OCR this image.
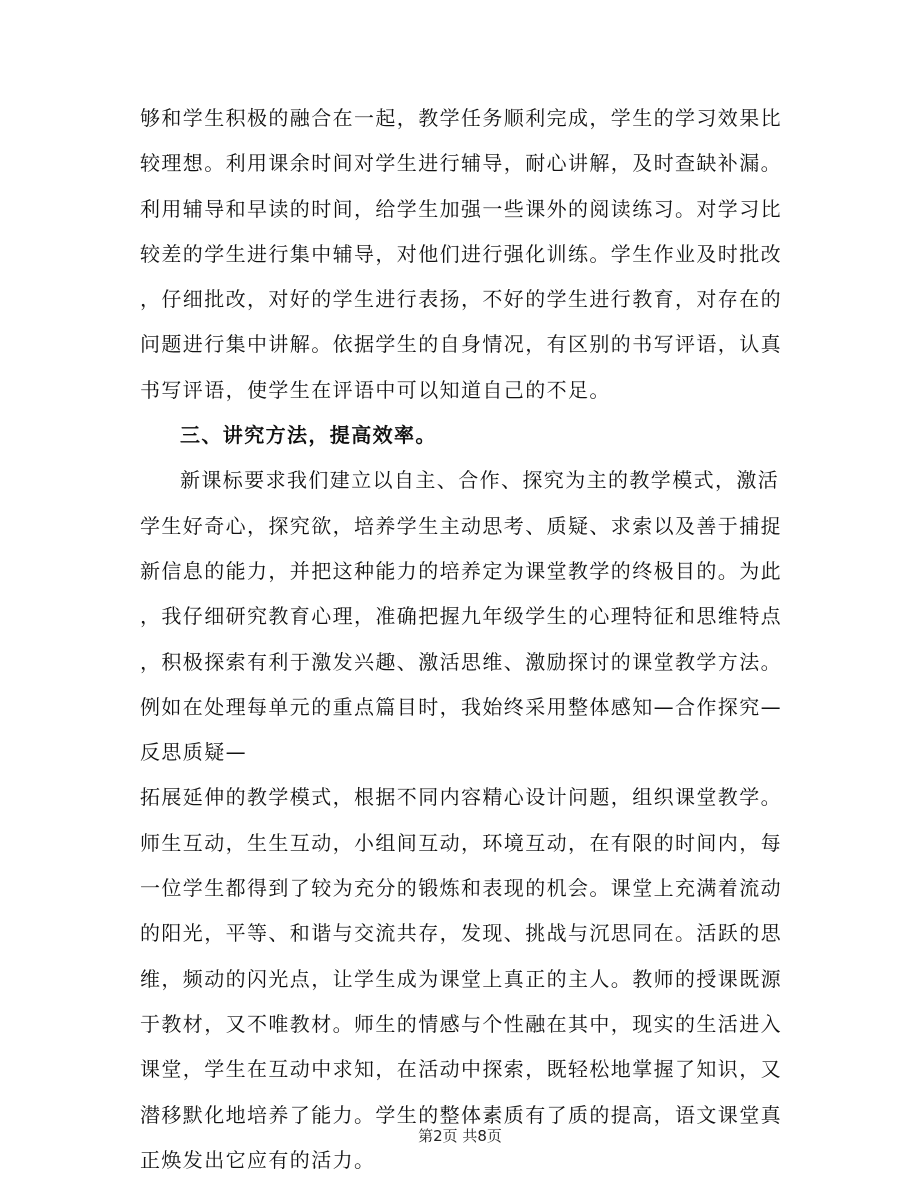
够和学生积极的融合在一起，教学任务顺利完成，学生的学习效果比
较理想。利用课余时间对学生进行辅导，耐心讲解，及时查缺补漏。
利用辅导和早读的时间，给学生加强一些课外的阅读练习。对学习比
较差的学生进行集中辅导，对他们进行强化训练。学生作业及时批改
，仔细批改，对好的学生进行表扬，不好的学生进行教育，对存在的
问题进行集中讲解。依据学生的自身情况，有区别的书写评语，认真
书写评语，使学生在评语中可以知道自己的不足。
三、讲究方法，提高效率。
新课标要求我们建立以自主、合作、探究为主的教学模式，激活
学生好奇心，探究欲，培养学生主动思考、质疑、求索以及善于捕捉
新信息的能力，并把这种能力的培养定为课堂教学的终极目的。为此
，我仔细研究教育心理，准确把握九年级学生的心理特征和思维特点
，积极探索有利于激发兴趣、激活思维、激励探讨的课堂教学方法。
例如在处理每单元的重点篇目时，我始终采用整体感知—合作探究—
反思质疑—
拓展延伸的教学模式，根据不同内容精心设计问题，组织课堂教学。
师生互动，生生互动，小组间互动，环境互动，在有限的时间内，每
一位学生都得到了较为充分的锻炼和表现的机会。课堂上充满着流动
的阳光，平等、和谐与交流共存，发现、挑战与沉思同在。活跃的思
维，频动的闪光点，让学生成为课堂上真正的主人。教师的授课既源
于教材，又不唯教材。师生的情感与个性融在其中，现实的生活进入
课堂，学生在互动中求知，在活动中探索，既轻松地掌握了知识，又
潜移默化地培养了能力。学生的整体素质有了质的提高，语文课堂真
正焕发出它应有的活力。
第2页 共8页
